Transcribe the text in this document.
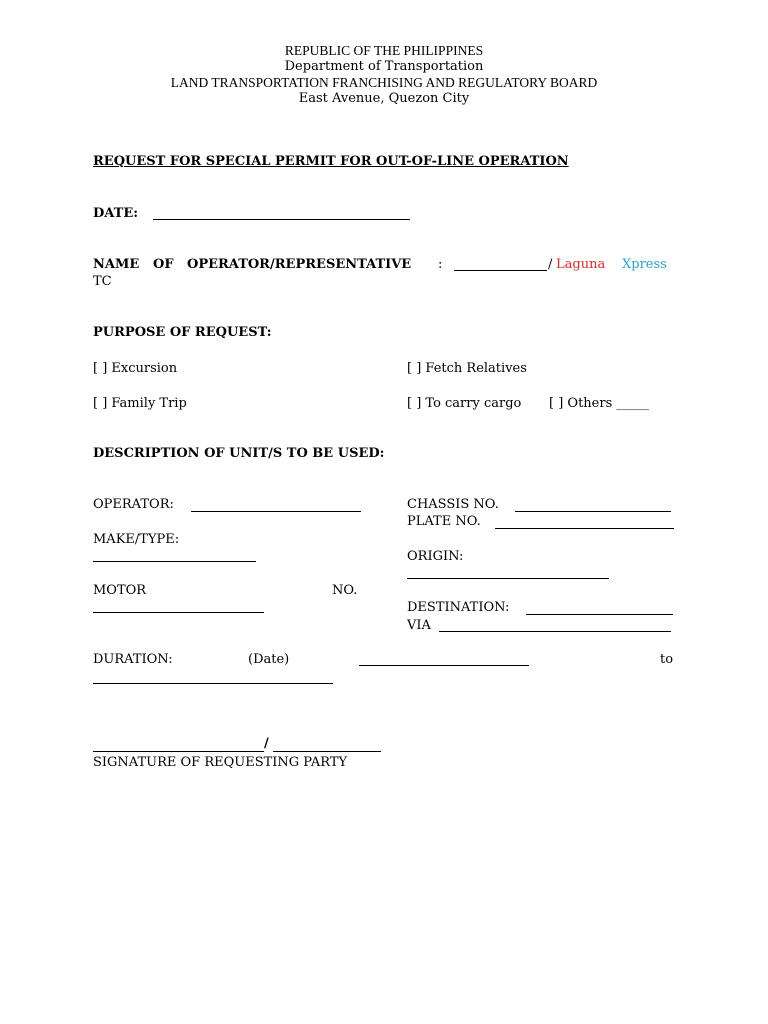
REPUBLIC OF THE PHILIPPINES
Department of Transportation
LAND TRANSPORTATION FRANCHISING AND REGULATORY BOARD
East Avenue, Quezon City
REQUEST FOR SPECIAL PERMIT FOR OUT-OF-LINE OPERATION
DATE:
NAME OF OPERATOR/REPRESENTATIVE :	/ Laguna Xpress
TC
PURPOSE OF REQUEST:
[ ] Excursion	[ ] Fetch Relatives
[ ] Family Trip	[ ] To carry cargo [ ] Others _____
DESCRIPTION OF UNIT/S TO BE USED:
OPERATOR:
MAKE/TYPE:
MOTOR	NO.
CHASSIS NO.
PLATE NO.
ORIGIN:
DESTINATION:
VIA
DURATION:	(Date)	to
/
SIGNATURE OF REQUESTING PARTY
